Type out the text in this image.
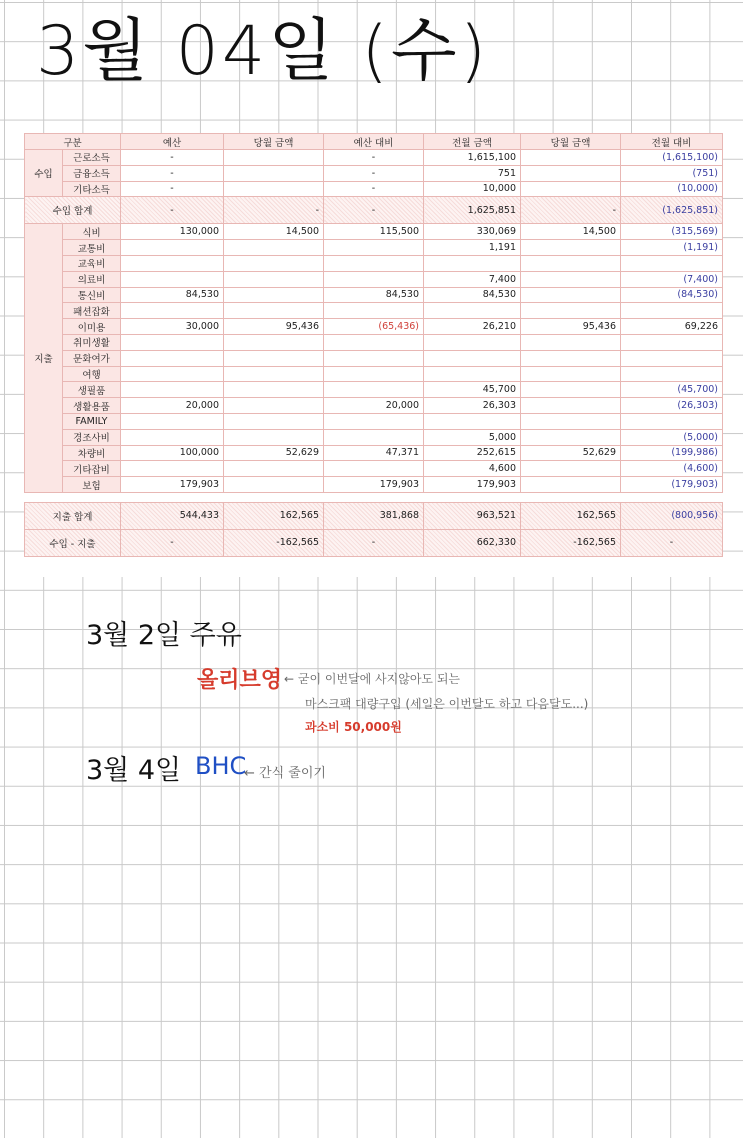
3월 04일 (수)
구분		예산	당월 금액	예산 대비	전월 금액	당월 금액	전월 대비
수입	근로소득	-		-	1,615,100		(1,615,100)
	금융소득	-		-	751		(751)
	기타소득	-		-	10,000		(10,000)
수입 합계		-	-	-	1,625,851	-	(1,625,851)
지출	식비	130,000	14,500	115,500	330,069	14,500	(315,569)
	교통비				1,191		(1,191)
	교육비						
	의료비				7,400		(7,400)
	통신비	84,530		84,530	84,530		(84,530)
	패션잡화						
	이미용	30,000	95,436	(65,436)	26,210	95,436	69,226
	취미생활						
	문화여가						
	여행						
	생필품				45,700		(45,700)
	생활용품	20,000		20,000	26,303		(26,303)
	FAMILY						
	경조사비				5,000		(5,000)
	차량비	100,000	52,629	47,371	252,615	52,629	(199,986)
	기타잡비				4,600		(4,600)
	보험	179,903		179,903	179,903		(179,903)

지출 합계		544,433	162,565	381,868	963,521	162,565	(800,956)
수입 - 지출		-	-162,565	-	662,330	-162,565	-
3월 2일 주유
올리브영 ← 굳이 이번달에 사지않아도 되는
마스크팩 대량구입 (세일은 이번달도 하고 다음달도...)
과소비 50,000원
3월 4일 BHC
← 간식 줄이기
